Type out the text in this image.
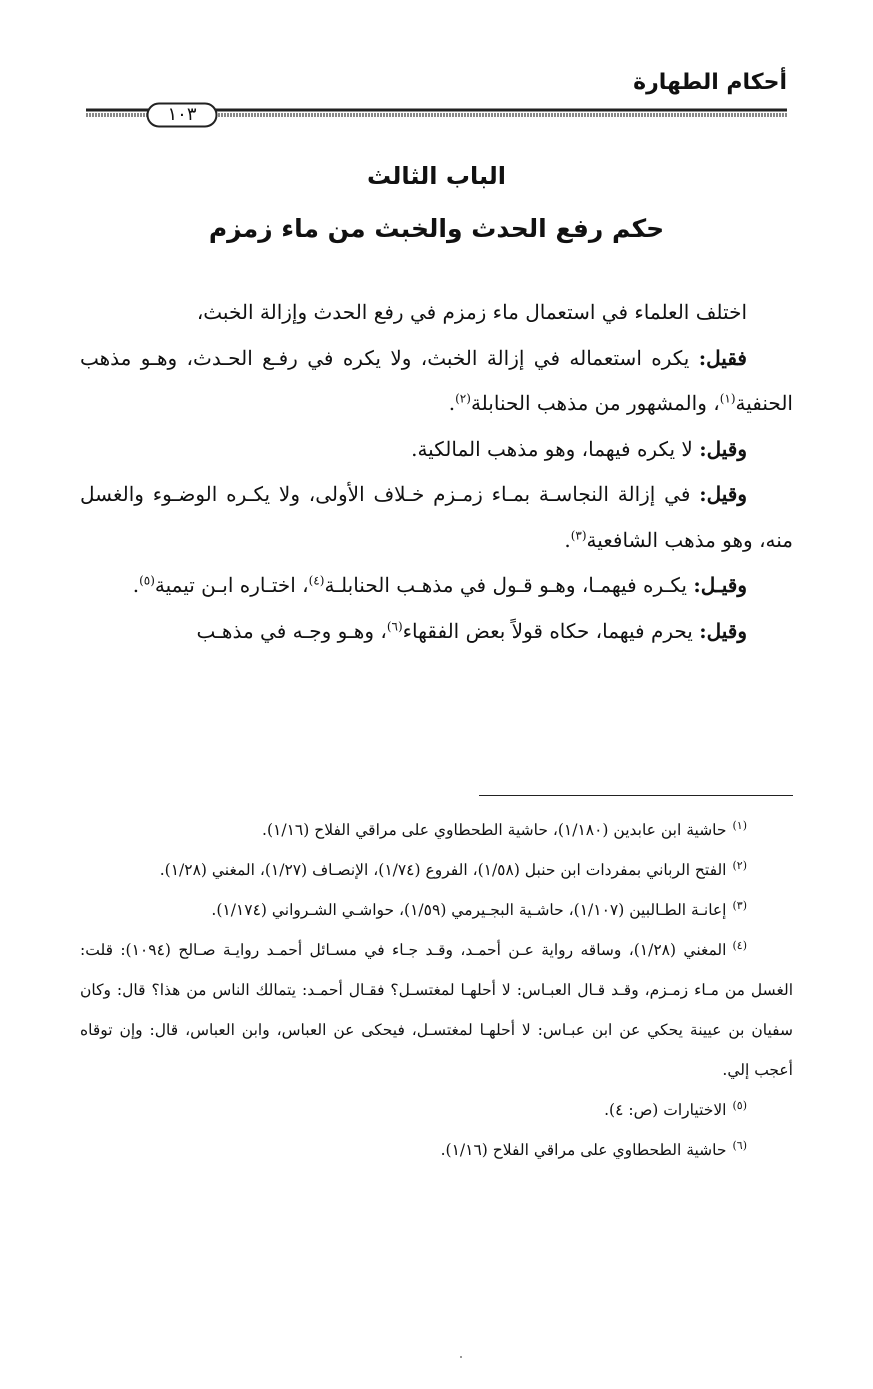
أحكام الطهارة
١٠٣
الباب الثالث
حكم رفع الحدث والخبث من ماء زمزم

اختلف العلماء في استعمال ماء زمزم في رفع الحدث وإزالة الخبث،

فقيل: يكره استعماله في إزالة الخبث، ولا يكره في رفـع الحـدث، وهـو مذهب الحنفية$^{(١)}$، والمشهور من مذهب الحنابلة$^{(٢)}$.

وقيل: لا يكره فيهما، وهو مذهب المالكية.

وقيل: في إزالة النجاسـة بمـاء زمـزم خـلاف الأولى، ولا يكـره الوضـوء والغسل منه، وهو مذهب الشافعية$^{(٣)}$.

وقيـل: يكـره فيهمـا، وهـو قـول في مذهـب الحنابلـة$^{(٤)}$، اختـاره ابـن تيمية$^{(٥)}$.

وقيل: يحرم فيهما، حكاه قولاً بعض الفقهاء$^{(٦)}$، وهـو وجـه في مذهـب

$^{(١)}$حاشية ابن عابدين (١/١٨٠)، حاشية الطحطاوي على مراقي الفلاح (١/١٦).

$^{(٢)}$الفتح الرباني بمفردات ابن حنبل (١/٥٨)، الفروع (١/٧٤)، الإنصـاف (١/٢٧)، المغني (١/٢٨).

$^{(٣)}$إعانـة الطـالبين (١/١٠٧)، حاشـية البجـيرمي (١/٥٩)، حواشـي الشـرواني (١/١٧٤).

$^{(٤)}$المغني (١/٢٨)، وساقه رواية عـن أحمـد، وقـد جـاء في مسـائل أحمـد روايـة صـالح (١٠٩٤): قلت: الغسل من مـاء زمـزم، وقـد قـال العبـاس: لا أحلهـا لمغتسـل؟ فقـال أحمـد: يتمالك الناس من هذا؟ قال: وكان سفيان بن عيينة يحكي عن ابن عبـاس: لا أحلهـا لمغتسـل، فيحكى عن العباس، وابن العباس، قال: وإن توقاه أعجب إلي.

$^{(٥)}$الاختيارات (ص: ٤).

$^{(٦)}$حاشية الطحطاوي على مراقي الفلاح (١/١٦).
